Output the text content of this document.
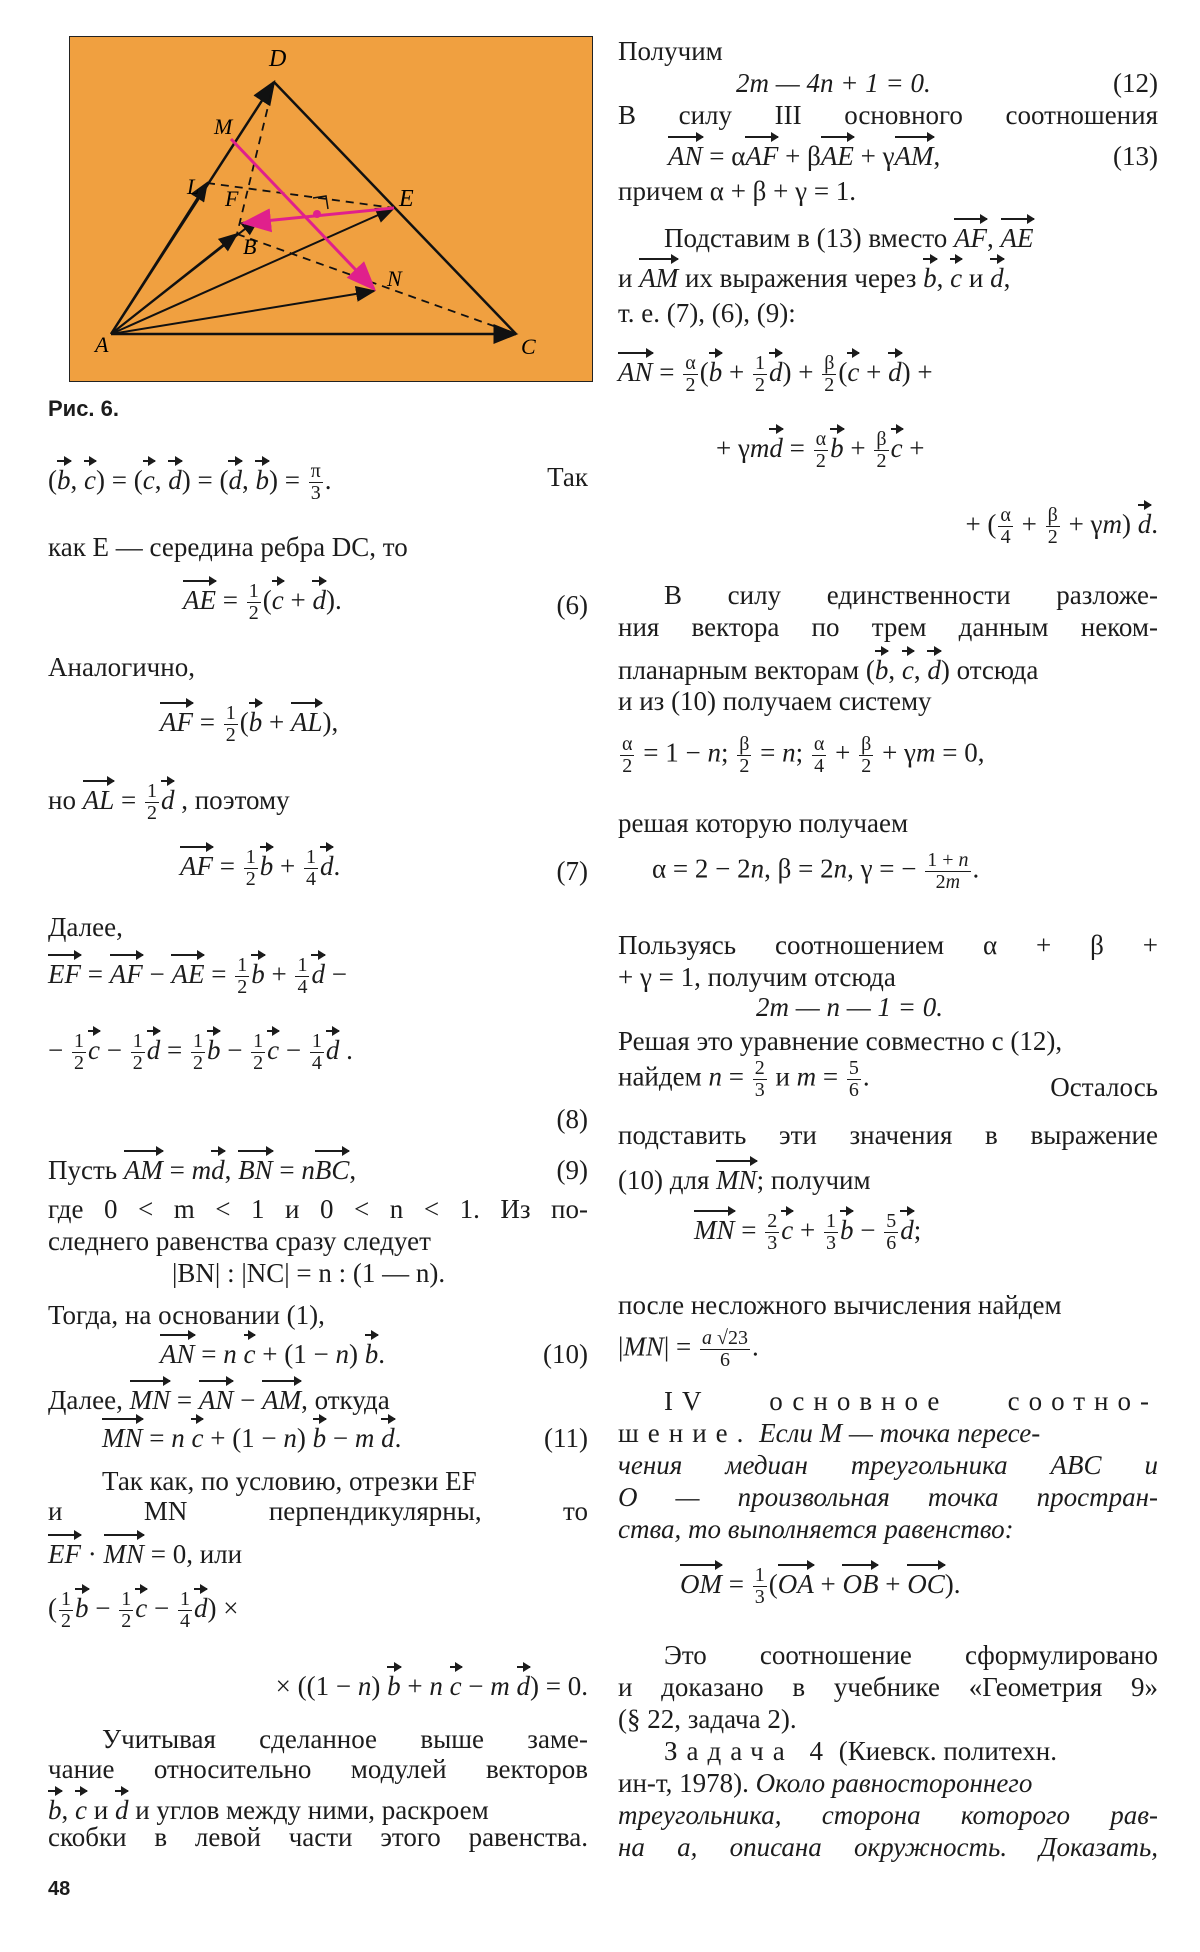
D
M
L F	E
B
N
A	C
Рис. 6.
(b, c) = (c, d) = (d, $b) = \frac{\pi}{3}$ .	Так
как E — середина ребра DC, то
AE = $\frac{1}{2} (c + d)$.	(6)
Аналогично,
AF = $\frac{1}{2} (b + AL)$,
но AL = $\frac{1}{2}$ d , поэтому
AF = $\frac{1}{2}$ $b + \frac{1}{4} d$.	(7)
Далее,
EF = AF − AE = $\frac{1}{2}$ $b + \frac{1}{4}$ d −
− $\frac{1}{2}$ $c - \frac{1}{2}$ $d = \frac{1}{2}$ $b - \frac{1}{2}$ $c - \frac{1}{4}$ d .
(8)
Пусть AM = md, BN = nBC,	(9)
где 0 < m < 1 и 0 < n < 1. Из по-
следнего равенства сразу следует
|BN| : |NC| = n : (1 — n).
Тогда, на основании (1),
AN = n c + (1 − n) b.	(10)
Далее, MN = AN − AM, откуда
MN = n c + (1 − n) b − m d.	(11)
Так как, по условию, отрезки EF
и MN перпендикулярны, то
EF · MN = 0, или
( $\frac{1}{2}$ $b - \frac{1}{2}$ $c - \frac{1}{4} d$) ×
× ((1 − n) b + n c − m d) = 0.
Учитывая сделанное выше заме-
чание относительно модулей векторов
b, c и d и углов между ними, раскроем
скобки в левой части этого равенства.
48
Получим
2m — 4n + 1 = 0.	(12)
В силу III основного соотношения
AN = αAF + βAE + γAM,	(13)
причем α + β + γ = 1.
Подставим в (13) вместо AF, AE
и AM их выражения через b, c и d,
т. е. (7), (6), (9):
AN = $\frac{\alpha}{2} (b + \frac{1}{2} d) + \frac{\beta}{2} (c + d)$ +
+ $\gamma md = \frac{\alpha}{2}$ $b + \frac{\beta}{2}$ c +
+ ( $\frac{\alpha}{4} + \frac{\beta}{2} + \gamma m$) d.
В силу единственности разложе-
ния вектора по трем данным неком-
планарным векторам (b, c, d) отсюда
и из (10) получаем систему
$\frac{\alpha}{2} = 1 - n$; $\frac{\beta}{2} = n$; $\frac{\alpha}{4} + \frac{\beta}{2} + \gamma m = 0$,
решая которую получаем
α = 2 − 2n, β = 2n, γ = − $\frac{1 + n}{2m}$ .
Пользуясь соотношением α + β +
+ γ = 1, получим отсюда
2m — n — 1 = 0.
Решая это уравнение совместно с (12),
найдем $n = \frac{2}{3}$ и $m = \frac{5}{6}$ .	Осталось
подставить эти значения в выражение
(10) для MN; получим
MN = $\frac{2}{3}$ $c + \frac{1}{3}$ $b - \frac{5}{6} d$;
после несложного вычисления найдем
$|MN| = \frac{a √23}{6}$ .
IV основное соотно-
шение. Если M — точка пересе-
чения медиан треугольника ABC и
O — произвольная точка простран-
ства, то выполняется равенство:
OM = $\frac{1}{3} (OA$ + OB + OC).
Это соотношение сформулировано
и доказано в учебнике «Геометрия 9»
(§ 22, задача 2).
Задача 4 (Киевск. политехн.
ин-т, 1978). Около равностороннего
треугольника, сторона которого рав-
на a, описана окружность. Доказать,
